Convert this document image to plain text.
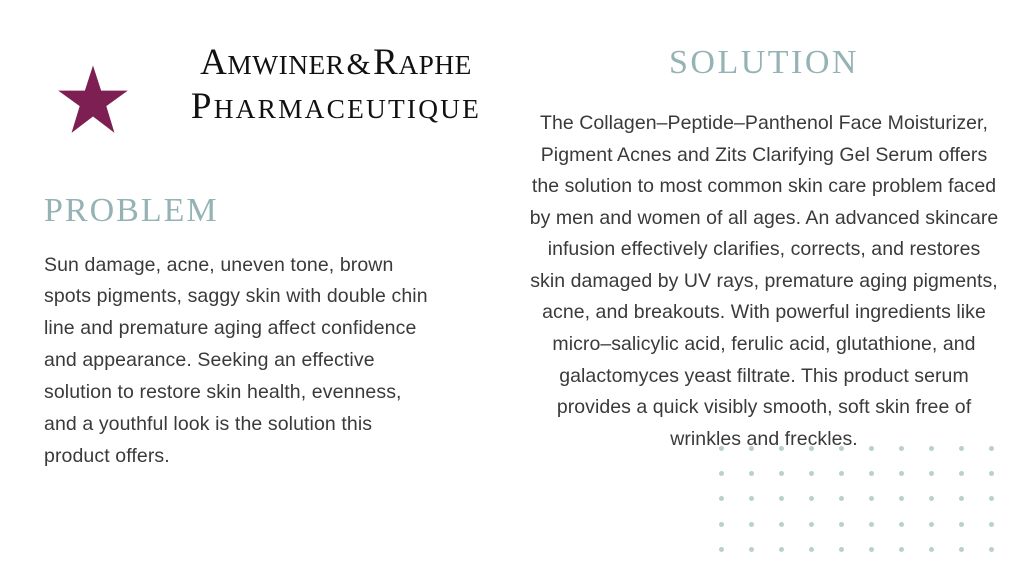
AMWINER&RAPHE
PHARMACEUTIQUE
PROBLEM

Sun damage, acne, uneven tone, brown spots pigments, saggy skin with double chin line and premature aging affect confidence and appearance. Seeking an effective solution to restore skin health, evenness, and a youthful look is the solution this product offers.

SOLUTION

The Collagen–Peptide–Panthenol Face Moisturizer, Pigment Acnes and Zits Clarifying Gel Serum offers the solution to most common skin care problem faced by men and women of all ages. An advanced skincare infusion effectively clarifies, corrects, and restores skin damaged by UV rays, premature aging pigments, acne, and breakouts. With powerful ingredients like micro–salicylic acid, ferulic acid, glutathione, and galactomyces yeast filtrate. This product serum provides a quick visibly smooth, soft skin free of wrinkles and freckles.
